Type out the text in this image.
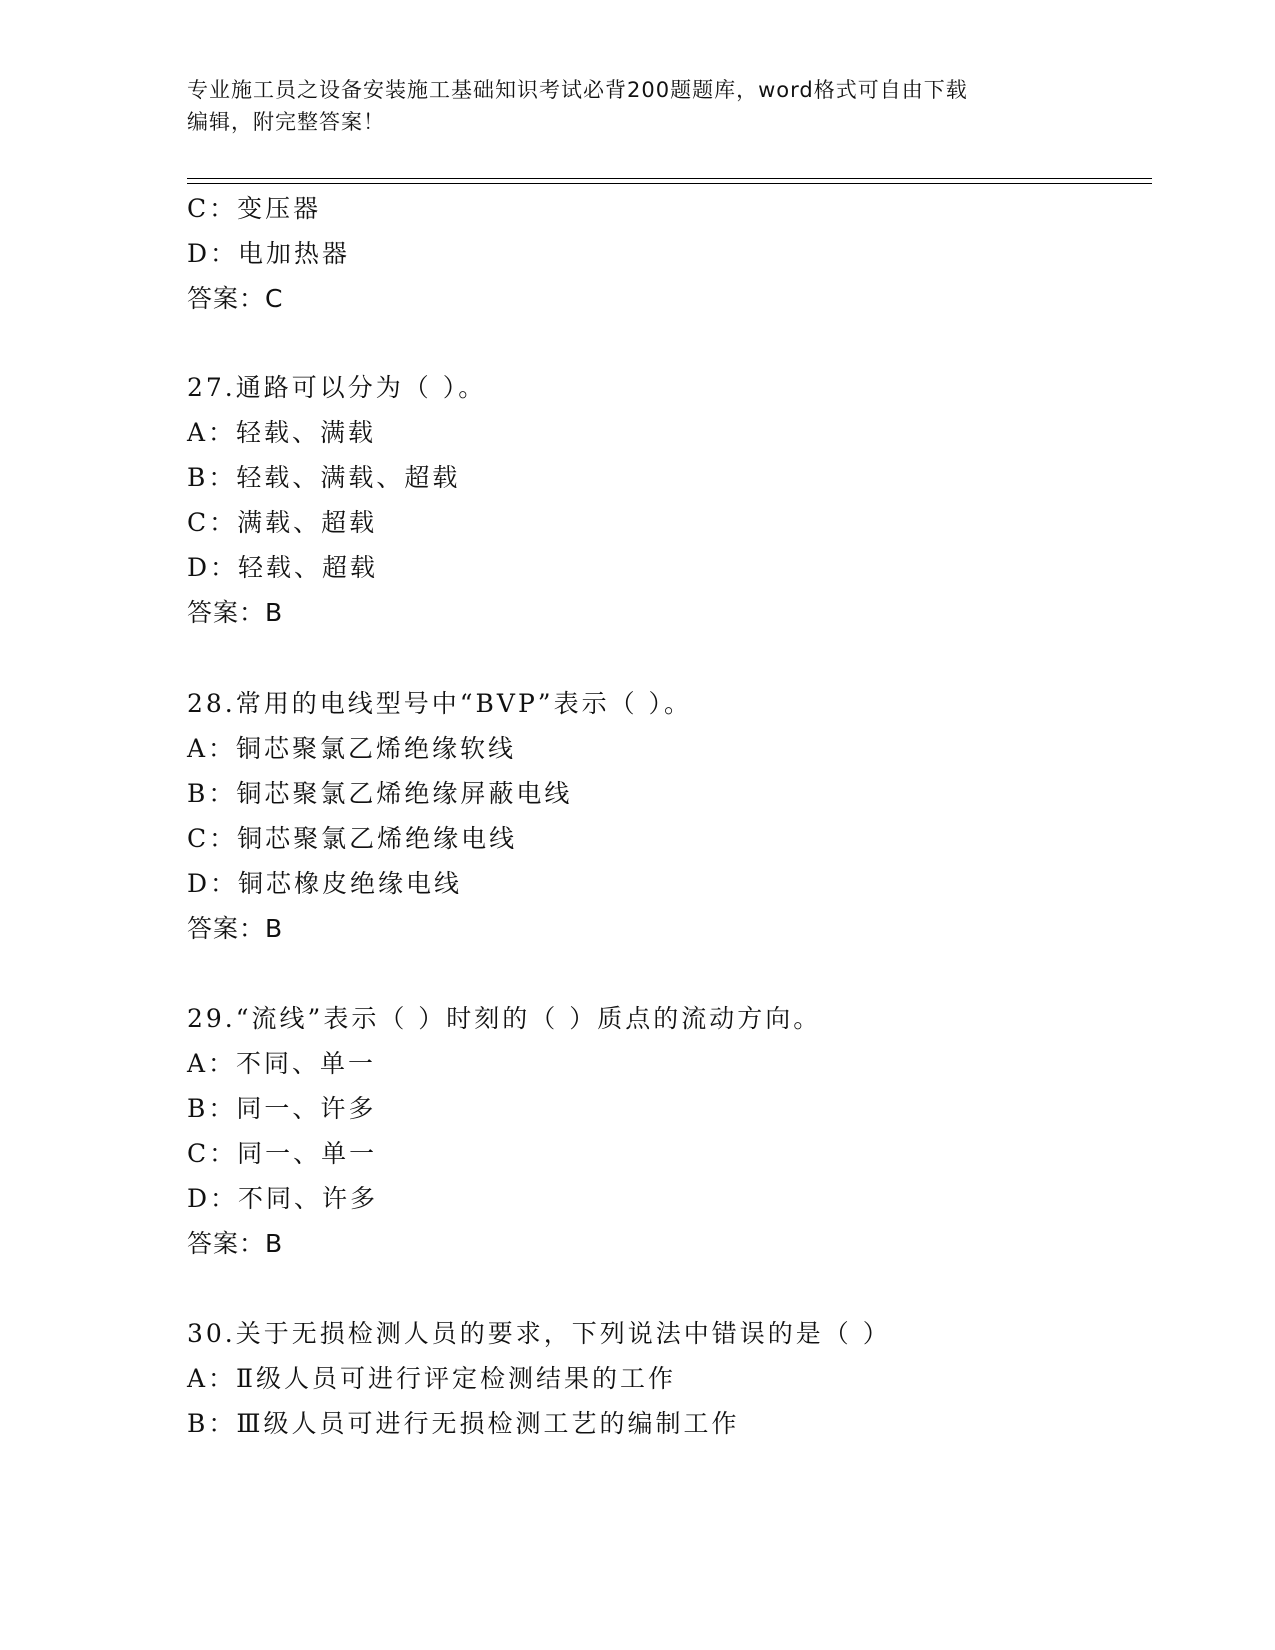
专业施工员之设备安装施工基础知识考试必背200题题库，word格式可自由下载
编辑，附完整答案！
C：变压器
D：电加热器
答案：C
27.通路可以分为（ ）。
A：轻载、满载
B：轻载、满载、超载
C：满载、超载
D：轻载、超载
答案：B
28.常用的电线型号中“BVP”表示（ ）。
A：铜芯聚氯乙烯绝缘软线
B：铜芯聚氯乙烯绝缘屏蔽电线
C：铜芯聚氯乙烯绝缘电线
D：铜芯橡皮绝缘电线
答案：B
29.“流线”表示（ ）时刻的（ ）质点的流动方向。
A：不同、单一
B：同一、许多
C：同一、单一
D：不同、许多
答案：B
30.关于无损检测人员的要求，下列说法中错误的是（ ）
A：Ⅱ级人员可进行评定检测结果的工作
B：Ⅲ级人员可进行无损检测工艺的编制工作
